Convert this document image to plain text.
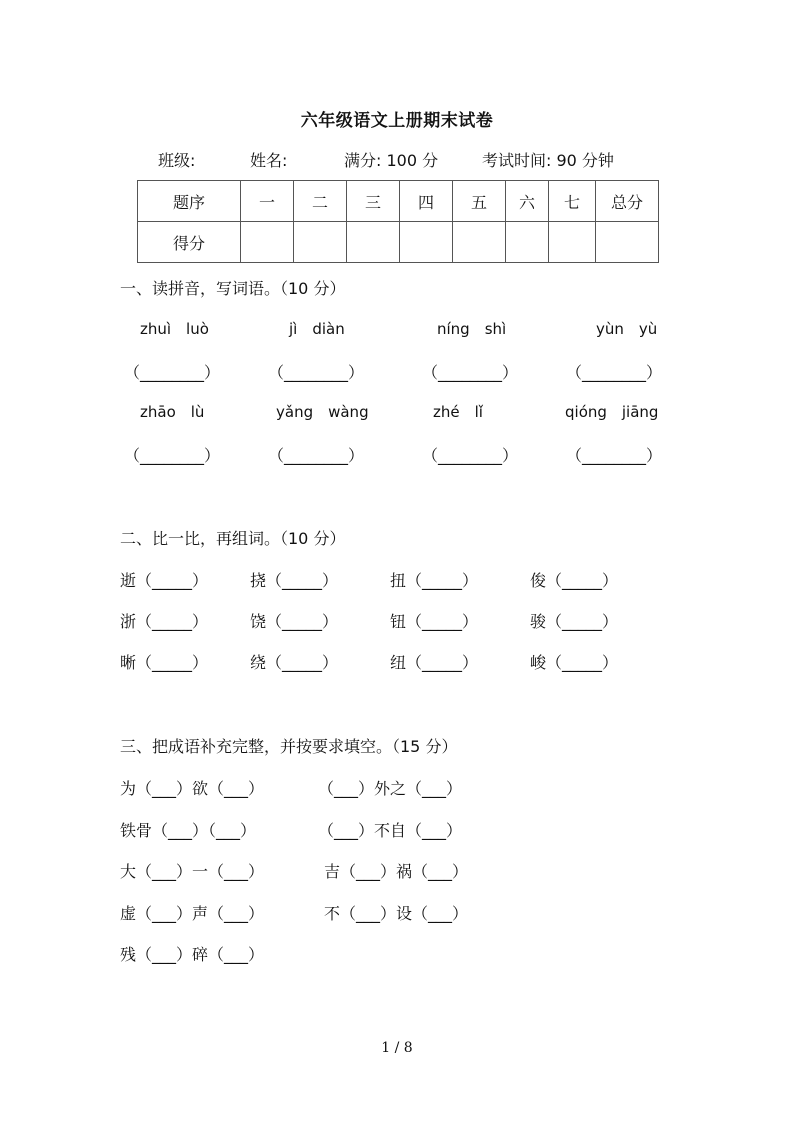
六年级语文上册期末试卷
班级:	姓名:	满分: 100 分	考试时间: 90 分钟
题序	一	二	三	四	五	六	七	总分
得分								
一、读拼音，写词语。（10 分）
zhuì　luò	jì　diàn	níng　shì	yùn　yù
（________）	（________）	（________）	（________）
zhāo　lù	yǎng　wàng	zhé　lǐ	qióng　jiāng
（________）	（________）	（________）	（________）
二、比一比，再组词。（10 分）
逝（_____）	挠（_____）	扭（_____）	俊（_____）
浙（_____）	饶（_____）	钮（_____）	骏（_____）
晰（_____）	绕（_____）	纽（_____）	峻（_____）
三、把成语补充完整，并按要求填空。（15 分）
为（___）欲（___）	（___）外之（___）
铁骨（___）（___）	（___）不自（___）
大（___）一（___）	吉（___）祸（___）
虚（___）声（___）	不（___）设（___）
残（___）碎（___）
1 / 8
